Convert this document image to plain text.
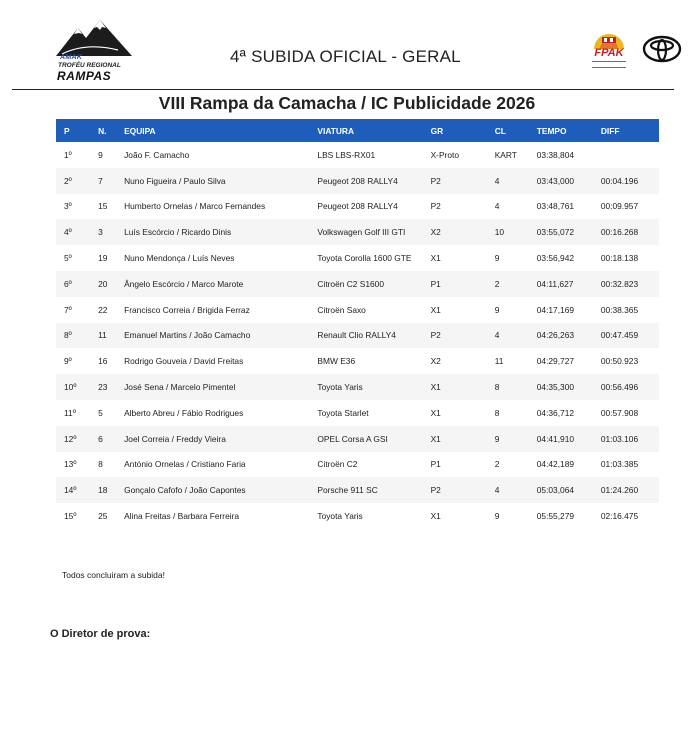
AMAK
TROFÉU REGIONAL
RAMPAS
4ª SUBIDA OFICIAL - GERAL	FPAK
VIII Rampa da Camacha / IC Publicidade 2026
P	N.	EQUIPA	VIATURA	GR	CL	TEMPO	DIFF
1º	9	João F. Camacho	LBS LBS-RX01	X-Proto	KART	03:38,804	
2º	7	Nuno Figueira / Paulo Silva	Peugeot 208 RALLY4	P2	4	03:43,000	00:04.196
3º	15	Humberto Ornelas / Marco Fernandes	Peugeot 208 RALLY4	P2	4	03:48,761	00:09.957
4º	3	Luís Escórcio / Ricardo Dinis	Volkswagen Golf III GTI	X2	10	03:55,072	00:16.268
5º	19	Nuno Mendonça / Luís Neves	Toyota Corolla 1600 GTE	X1	9	03:56,942	00:18.138
6º	20	Ângelo Escórcio / Marco Marote	Citroën C2 S1600	P1	2	04:11,627	00:32.823
7º	22	Francisco Correia / Brigida Ferraz	Citroën Saxo	X1	9	04:17,169	00:38.365
8º	11	Emanuel Martins / João Camacho	Renault Clio RALLY4	P2	4	04:26,263	00:47.459
9º	16	Rodrigo Gouveia / David Freitas	BMW E36	X2	11	04:29,727	00:50.923
10º	23	José Sena / Marcelo Pimentel	Toyota Yaris	X1	8	04:35,300	00:56.496
11º	5	Alberto Abreu / Fábio Rodrigues	Toyota Starlet	X1	8	04:36,712	00:57.908
12º	6	Joel Correia / Freddy Vieira	OPEL Corsa A GSI	X1	9	04:41,910	01:03.106
13º	8	António Ornelas / Cristiano Faria	Citroën C2	P1	2	04:42,189	01:03.385
14º	18	Gonçalo Cafofo / João Capontes	Porsche 911 SC	P2	4	05:03,064	01:24.260
15º	25	Alina Freitas / Barbara Ferreira	Toyota Yaris	X1	9	05:55,279	02:16.475
Todos concluiram a subida!
O Diretor de prova:
